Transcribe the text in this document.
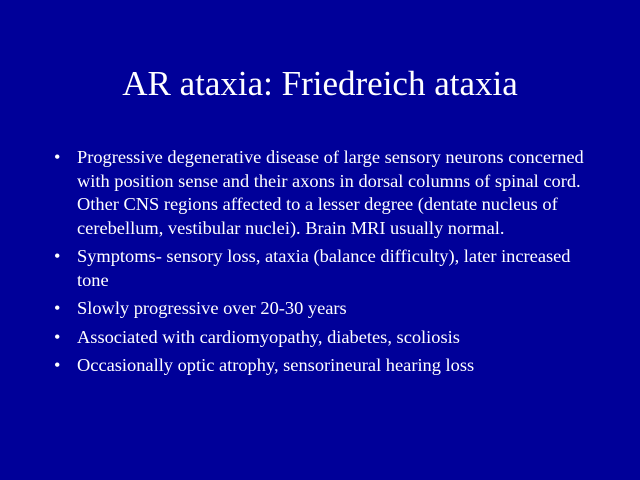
AR ataxia: Friedreich ataxia
• Progressive degenerative disease of large sensory neurons concerned with position sense and their axons in dorsal columns of spinal cord. Other CNS regions affected to a lesser degree (dentate nucleus of cerebellum, vestibular nuclei). Brain MRI usually normal.
• Symptoms- sensory loss, ataxia (balance difficulty), later increased tone
• Slowly progressive over 20-30 years
• Associated with cardiomyopathy, diabetes, scoliosis
• Occasionally optic atrophy, sensorineural hearing loss
